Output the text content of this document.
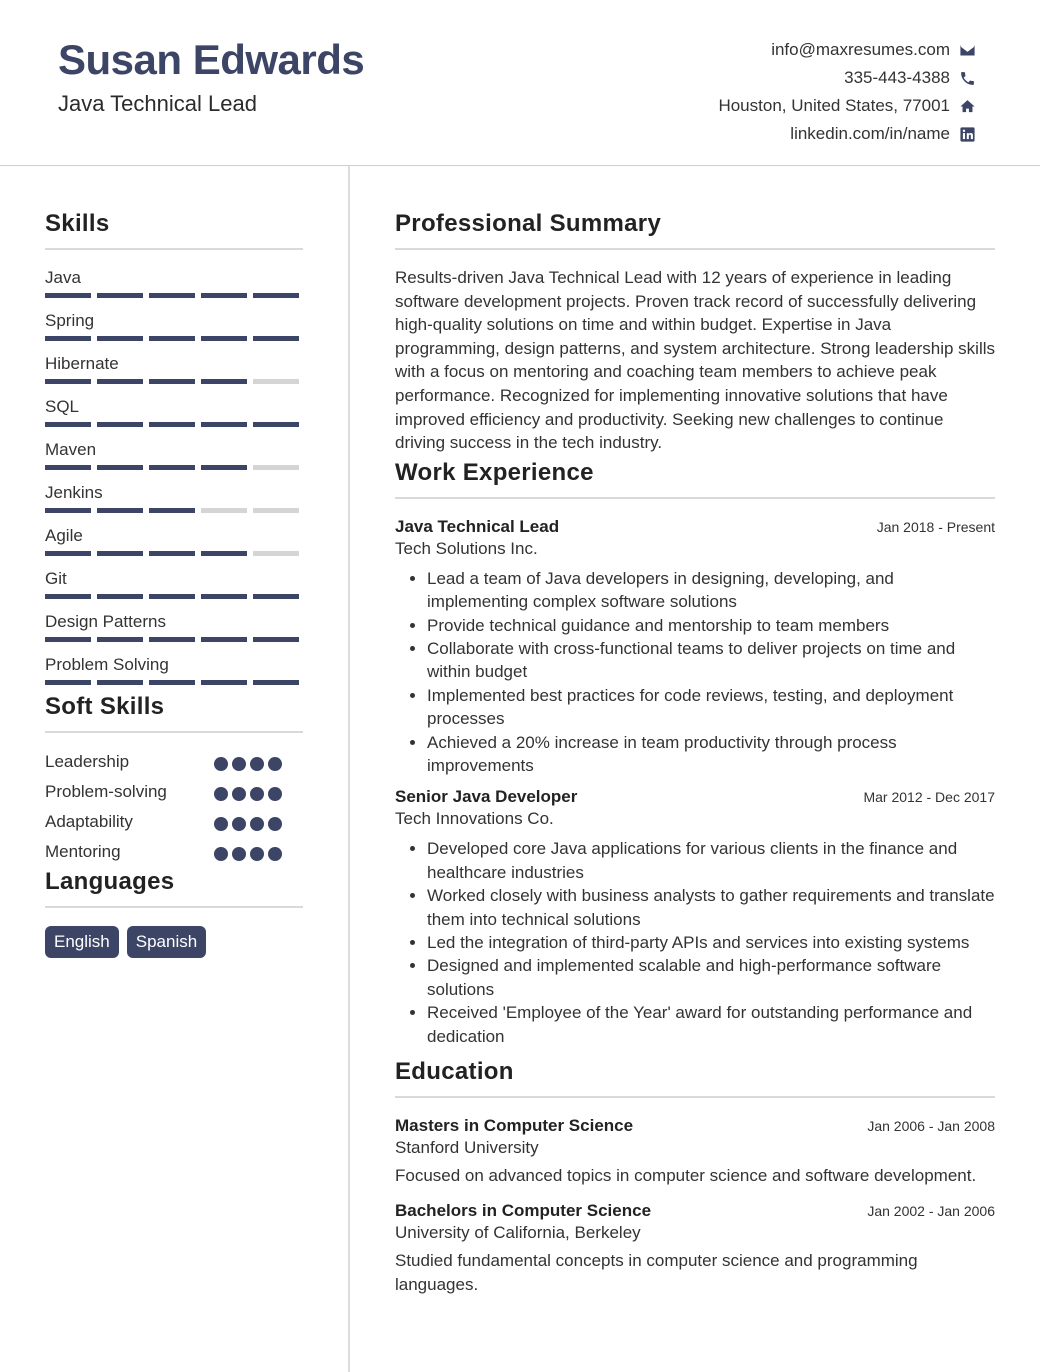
Susan Edwards
Java Technical Lead
info@maxresumes.com
335-443-4388
Houston, United States, 77001
linkedin.com/in/name
Skills
Java
Spring
Hibernate
SQL
Maven
Jenkins
Agile
Git
Design Patterns
Problem Solving
Soft Skills
Leadership
Problem-solving
Adaptability
Mentoring
Languages
English	Spanish
Professional Summary
Results-driven Java Technical Lead with 12 years of experience in leading software development projects. Proven track record of successfully delivering high-quality solutions on time and within budget. Expertise in Java programming, design patterns, and system architecture. Strong leadership skills with a focus on mentoring and coaching team members to achieve peak performance. Recognized for implementing innovative solutions that have improved efficiency and productivity. Seeking new challenges to continue driving success in the tech industry.
Work Experience
Java Technical Lead	Jan 2018 - Present
Tech Solutions Inc.
• Lead a team of Java developers in designing, developing, and implementing complex software solutions
• Provide technical guidance and mentorship to team members
• Collaborate with cross-functional teams to deliver projects on time and within budget
• Implemented best practices for code reviews, testing, and deployment processes
• Achieved a 20% increase in team productivity through process improvements
Senior Java Developer	Mar 2012 - Dec 2017
Tech Innovations Co.
• Developed core Java applications for various clients in the finance and healthcare industries
• Worked closely with business analysts to gather requirements and translate them into technical solutions
• Led the integration of third-party APIs and services into existing systems
• Designed and implemented scalable and high-performance software solutions
• Received 'Employee of the Year' award for outstanding performance and dedication
Education
Masters in Computer Science	Jan 2006 - Jan 2008
Stanford University
Focused on advanced topics in computer science and software development.
Bachelors in Computer Science	Jan 2002 - Jan 2006
University of California, Berkeley
Studied fundamental concepts in computer science and programming languages.
